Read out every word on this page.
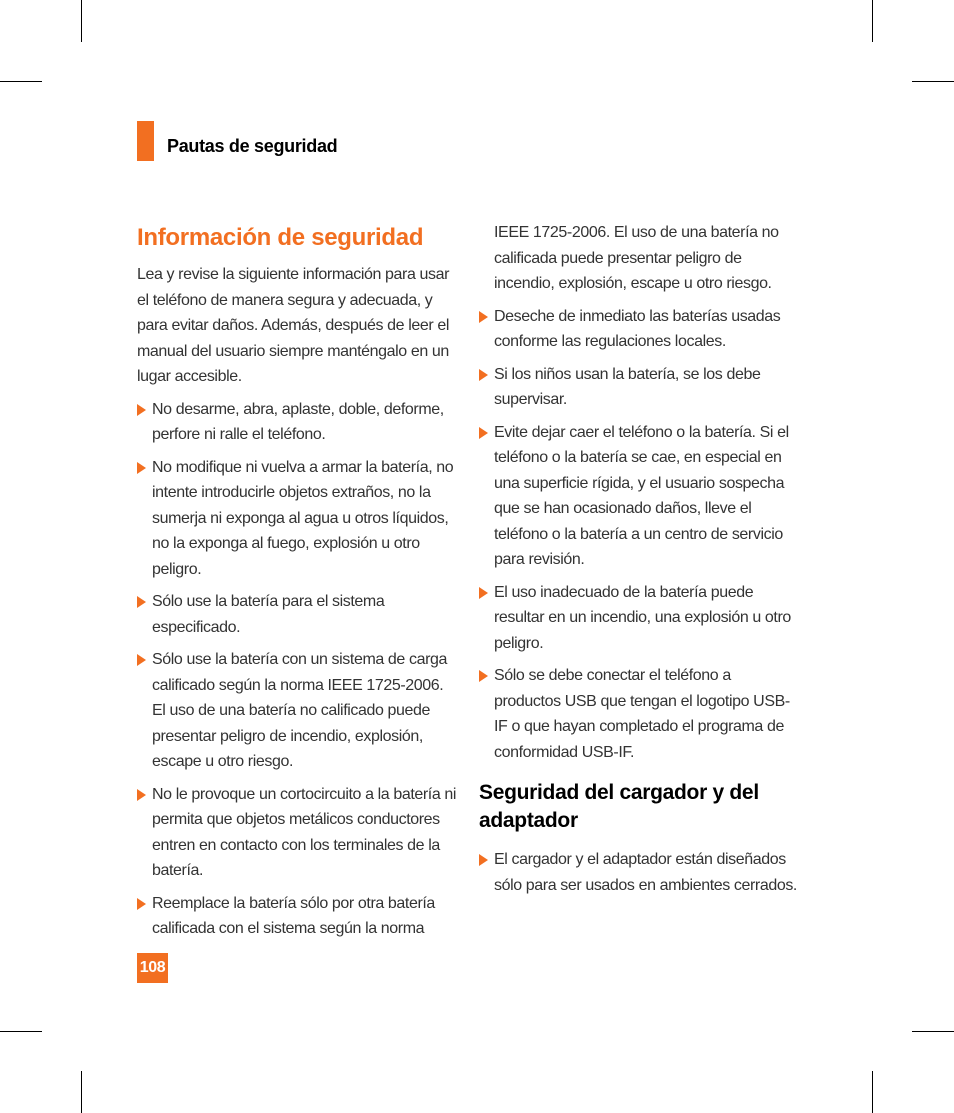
Pautas de seguridad
Información de seguridad

Lea y revise la siguiente información para usar el teléfono de manera segura y adecuada, y para evitar daños. Además, después de leer el manual del usuario siempre manténgalo en un lugar accesible.

No desarme, abra, aplaste, doble, deforme, perfore ni ralle el teléfono.
No modifique ni vuelva a armar la batería, no intente introducirle objetos extraños, no la sumerja ni exponga al agua u otros líquidos, no la exponga al fuego, explosión u otro peligro.
Sólo use la batería para el sistema especificado.
Sólo use la batería con un sistema de carga calificado según la norma IEEE 1725-2006. El uso de una batería no calificado puede presentar peligro de incendio, explosión, escape u otro riesgo.
No le provoque un cortocircuito a la batería ni permita que objetos metálicos conductores entren en contacto con los terminales de la batería.
Reemplace la batería sólo por otra batería calificada con el sistema según la norma

IEEE 1725-2006. El uso de una batería no calificada puede presentar peligro de incendio, explosión, escape u otro riesgo.

Deseche de inmediato las baterías usadas conforme las regulaciones locales.
Si los niños usan la batería, se los debe supervisar.
Evite dejar caer el teléfono o la batería. Si el teléfono o la batería se cae, en especial en una superficie rígida, y el usuario sospecha que se han ocasionado daños, lleve el teléfono o la batería a un centro de servicio para revisión.
El uso inadecuado de la batería puede resultar en un incendio, una explosión u otro peligro.
Sólo se debe conectar el teléfono a productos USB que tengan el logotipo USB-IF o que hayan completado el programa de conformidad USB-IF.
Seguridad del cargador y del adaptador
El cargador y el adaptador están diseñados sólo para ser usados en ambientes cerrados.
108
